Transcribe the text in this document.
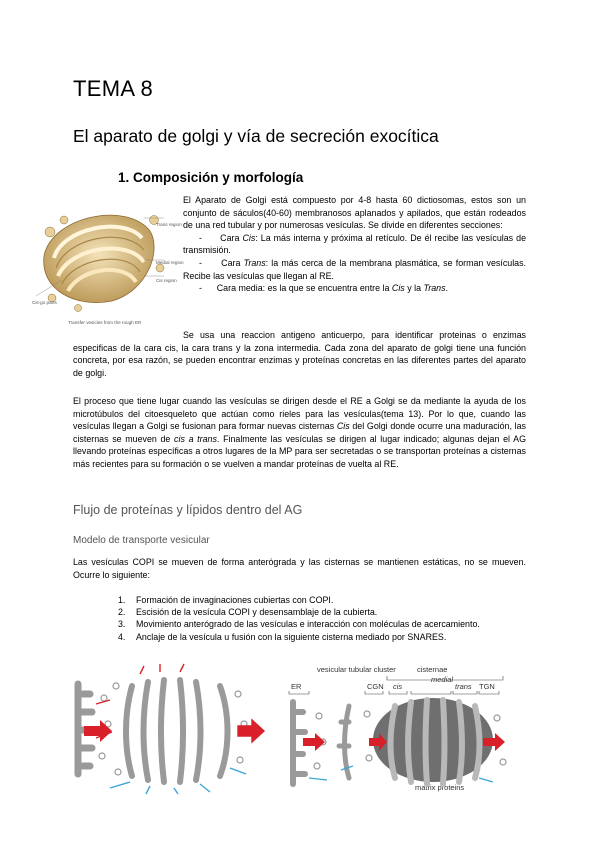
TEMA 8
El aparato de golgi y vía de secreción exocítica
1. Composición y morfología
Trans region
Medial region
Cis region
Cis-go parts
Transfer vesicles from the rough ER
El Aparato de Golgi está compuesto por 4-8 hasta 60 dictiosomas, estos son un conjunto de sáculos(40-60) membranosos aplanados y apilados, que están rodeados de una red tubular y por numerosas vesículas. Se divide en diferentes secciones:
- Cara Cis: La más interna y próxima al retículo. De él recibe las vesículas de transmisión.
- Cara Trans: la más cerca de la membrana plasmática, se forman vesículas. Recibe las vesículas que llegan al RE.
- Cara media: es la que se encuentra entre la Cis y la Trans.
Se usa una reaccion antigeno anticuerpo, para identificar proteinas o enzimas especificas de la cara cis, la cara trans y la zona intermedia. Cada zona del aparato de golgi tiene una función concreta, por esa razón, se pueden encontrar enzimas y proteínas concretas en las diferentes partes del aparato de golgi.
El proceso que tiene lugar cuando las vesículas se dirigen desde el RE a Golgi se da mediante la ayuda de los microtúbulos del citoesqueleto que actúan como rieles para las vesículas(tema 13). Por lo que, cuando las vesículas llegan a Golgi se fusionan para formar nuevas cisternas Cis del Golgi donde ocurre una maduración, las cisternas se mueven de cis a trans. Finalmente las vesículas se dirigen al lugar indicado; algunas dejan el AG llevando proteínas específicas a otros lugares de la MP para ser secretadas o se transportan proteínas a cisternas más recientes para su formación o se vuelven a mandar proteínas de vuelta al RE.
Flujo de proteínas y lípidos dentro del AG
Modelo de transporte vesicular
Las vesículas COPI se mueven de forma anterógrada y las cisternas se mantienen estáticas, no se mueven. Ocurre lo siguiente:
1. Formación de invaginaciones cubiertas con COPI.
2. Escisión de la vesícula COPI y desensamblaje de la cubierta.
3. Movimiento anterógrado de las vesículas e interacción con moléculas de acercamiento.
4. Anclaje de la vesícula u fusión con la siguiente cisterna mediado por SNARES.
ER
vesicular tubular cluster
CGN
cisternae
cis
medial
trans TGN
matrix proteins
